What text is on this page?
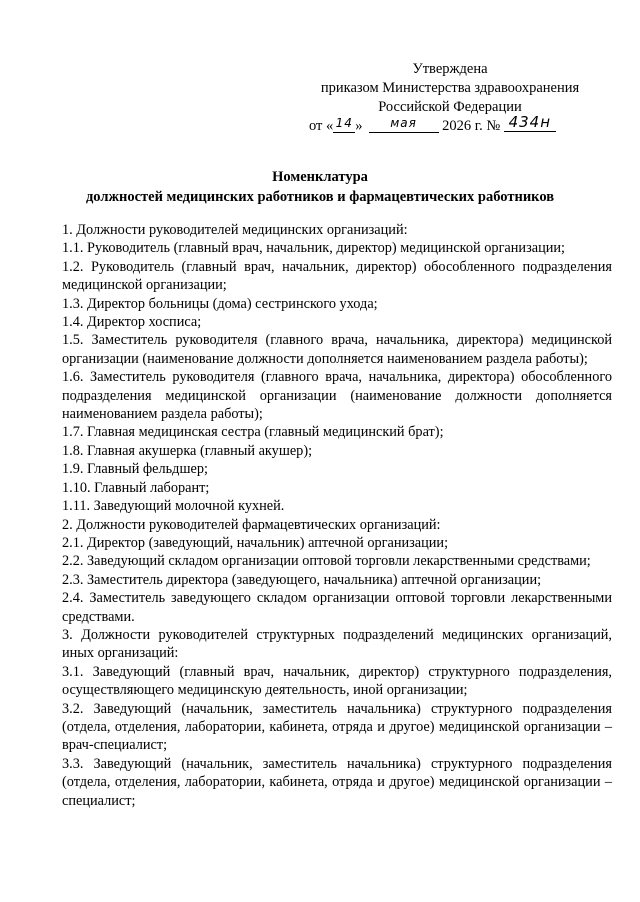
Утверждена
приказом Министерства здравоохранения
Российской Федерации
от « 14 » мая 2026 г. № 434н
Номенклатура
должностей медицинских работников и фармацевтических работников

1. Должности руководителей медицинских организаций:

1.1. Руководитель (главный врач, начальник, директор) медицинской организации;

1.2. Руководитель (главный врач, начальник, директор) обособленного подразделения медицинской организации;

1.3. Директор больницы (дома) сестринского ухода;

1.4. Директор хосписа;

1.5. Заместитель руководителя (главного врача, начальника, директора) медицинской организации (наименование должности дополняется наименованием раздела работы);

1.6. Заместитель руководителя (главного врача, начальника, директора) обособленного подразделения медицинской организации (наименование должности дополняется наименованием раздела работы);

1.7. Главная медицинская сестра (главный медицинский брат);

1.8. Главная акушерка (главный акушер);

1.9. Главный фельдшер;

1.10. Главный лаборант;

1.11. Заведующий молочной кухней.

2. Должности руководителей фармацевтических организаций:

2.1. Директор (заведующий, начальник) аптечной организации;

2.2. Заведующий складом организации оптовой торговли лекарственными средствами;

2.3. Заместитель директора (заведующего, начальника) аптечной организации;

2.4. Заместитель заведующего складом организации оптовой торговли лекарственными средствами.

3. Должности руководителей структурных подразделений медицинских организаций, иных организаций:

3.1. Заведующий (главный врач, начальник, директор) структурного подразделения, осуществляющего медицинскую деятельность, иной организации;

3.2. Заведующий (начальник, заместитель начальника) структурного подразделения (отдела, отделения, лаборатории, кабинета, отряда и другое) медицинской организации – врач-специалист;

3.3. Заведующий (начальник, заместитель начальника) структурного подразделения (отдела, отделения, лаборатории, кабинета, отряда и другое) медицинской организации – специалист;
